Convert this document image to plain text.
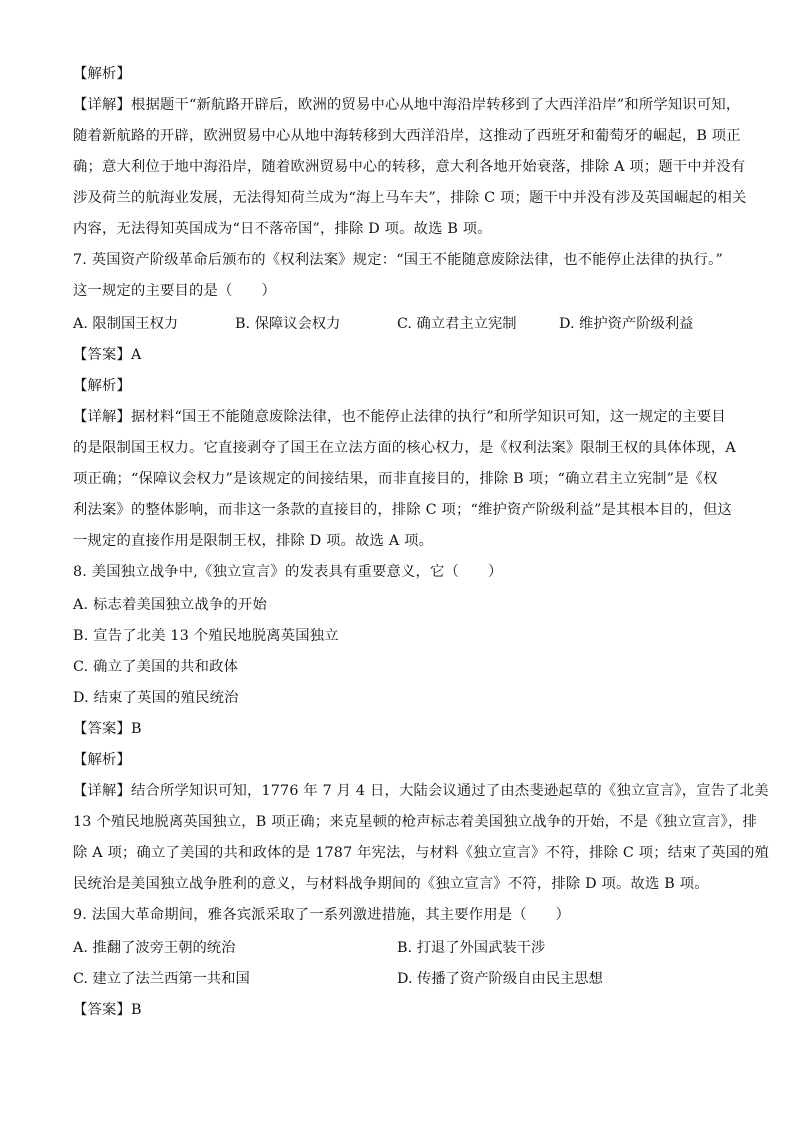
【解析】
【详解】根据题干“新航路开辟后，欧洲的贸易中心从地中海沿岸转移到了大西洋沿岸”和所学知识可知，
随着新航路的开辟，欧洲贸易中心从地中海转移到大西洋沿岸，这推动了西班牙和葡萄牙的崛起，B 项正
确；意大利位于地中海沿岸，随着欧洲贸易中心的转移，意大利各地开始衰落，排除 A 项；题干中并没有
涉及荷兰的航海业发展，无法得知荷兰成为“海上马车夫”，排除 C 项；题干中并没有涉及英国崛起的相关
内容，无法得知英国成为“日不落帝国”，排除 D 项。故选 B 项。
7. 英国资产阶级革命后颁布的《权利法案》规定：“国王不能随意废除法律，也不能停止法律的执行。”
这一规定的主要目的是（　　）
A. 限制国王权力	B. 保障议会权力	C. 确立君主立宪制	D. 维护资产阶级利益
【答案】A
【解析】
【详解】据材料“国王不能随意废除法律，也不能停止法律的执行”和所学知识可知，这一规定的主要目
的是限制国王权力。它直接剥夺了国王在立法方面的核心权力，是《权利法案》限制王权的具体体现，A
项正确；“保障议会权力”是该规定的间接结果，而非直接目的，排除 B 项；“确立君主立宪制”是《权
利法案》的整体影响，而非这一条款的直接目的，排除 C 项；“维护资产阶级利益”是其根本目的，但这
一规定的直接作用是限制王权，排除 D 项。故选 A 项。
8. 美国独立战争中,《独立宣言》的发表具有重要意义，它（　　）
A. 标志着美国独立战争的开始
B. 宣告了北美 13 个殖民地脱离英国独立
C. 确立了美国的共和政体
D. 结束了英国的殖民统治
【答案】B
【解析】
【详解】结合所学知识可知，1776 年 7 月 4 日，大陆会议通过了由杰斐逊起草的《独立宣言》，宣告了北美
13 个殖民地脱离英国独立，B 项正确；来克星顿的枪声标志着美国独立战争的开始，不是《独立宣言》，排
除 A 项；确立了美国的共和政体的是 1787 年宪法，与材料《独立宣言》不符，排除 C 项；结束了英国的殖
民统治是美国独立战争胜利的意义，与材料战争期间的《独立宣言》不符，排除 D 项。故选 B 项。
9. 法国大革命期间，雅各宾派采取了一系列激进措施，其主要作用是（　　）
A. 推翻了波旁王朝的统治	B. 打退了外国武装干涉
C. 建立了法兰西第一共和国	D. 传播了资产阶级自由民主思想
【答案】B
